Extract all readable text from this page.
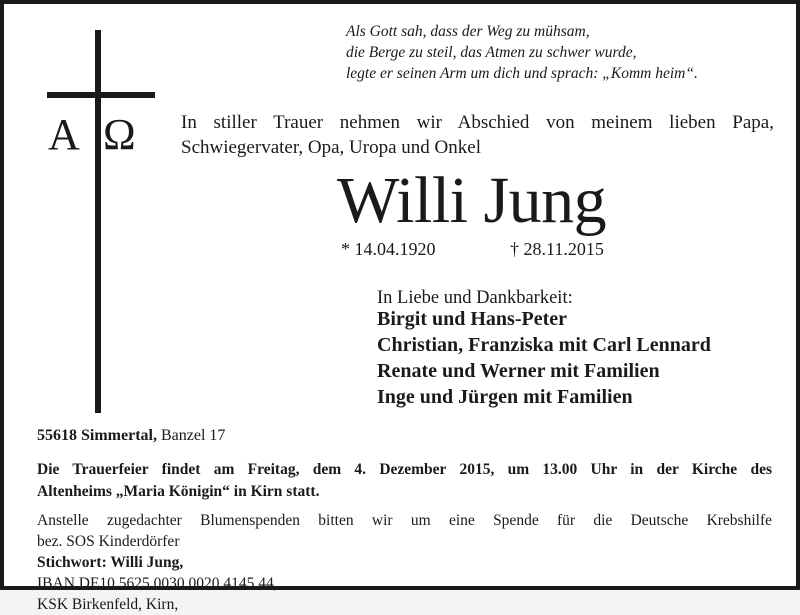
Als Gott sah, dass der Weg zu mühsam,
die Berge zu steil, das Atmen zu schwer wurde,
legte er seinen Arm um dich und sprach: „Komm heim“.
A Ω In stiller Trauer nehmen wir Abschied von meinem lieben Papa,
Schwiegervater, Opa, Uropa und Onkel
Willi Jung
* 14.04.1920	† 28.11.2015
In Liebe und Dankbarkeit:
Birgit und Hans-Peter
Christian, Franziska mit Carl Lennard
Renate und Werner mit Familien
Inge und Jürgen mit Familien
55618 Simmertal, Banzel 17
Die Trauerfeier findet am Freitag, dem 4. Dezember 2015, um 13.00 Uhr in der Kirche des
Altenheims „Maria Königin“ in Kirn statt.
Anstelle zugedachter Blumenspenden bitten wir um eine Spende für die Deutsche Krebshilfe
bez. SOS Kinderdörfer
Stichwort: Willi Jung,
IBAN DE10 5625 0030 0020 4145 44,
KSK Birkenfeld, Kirn,
